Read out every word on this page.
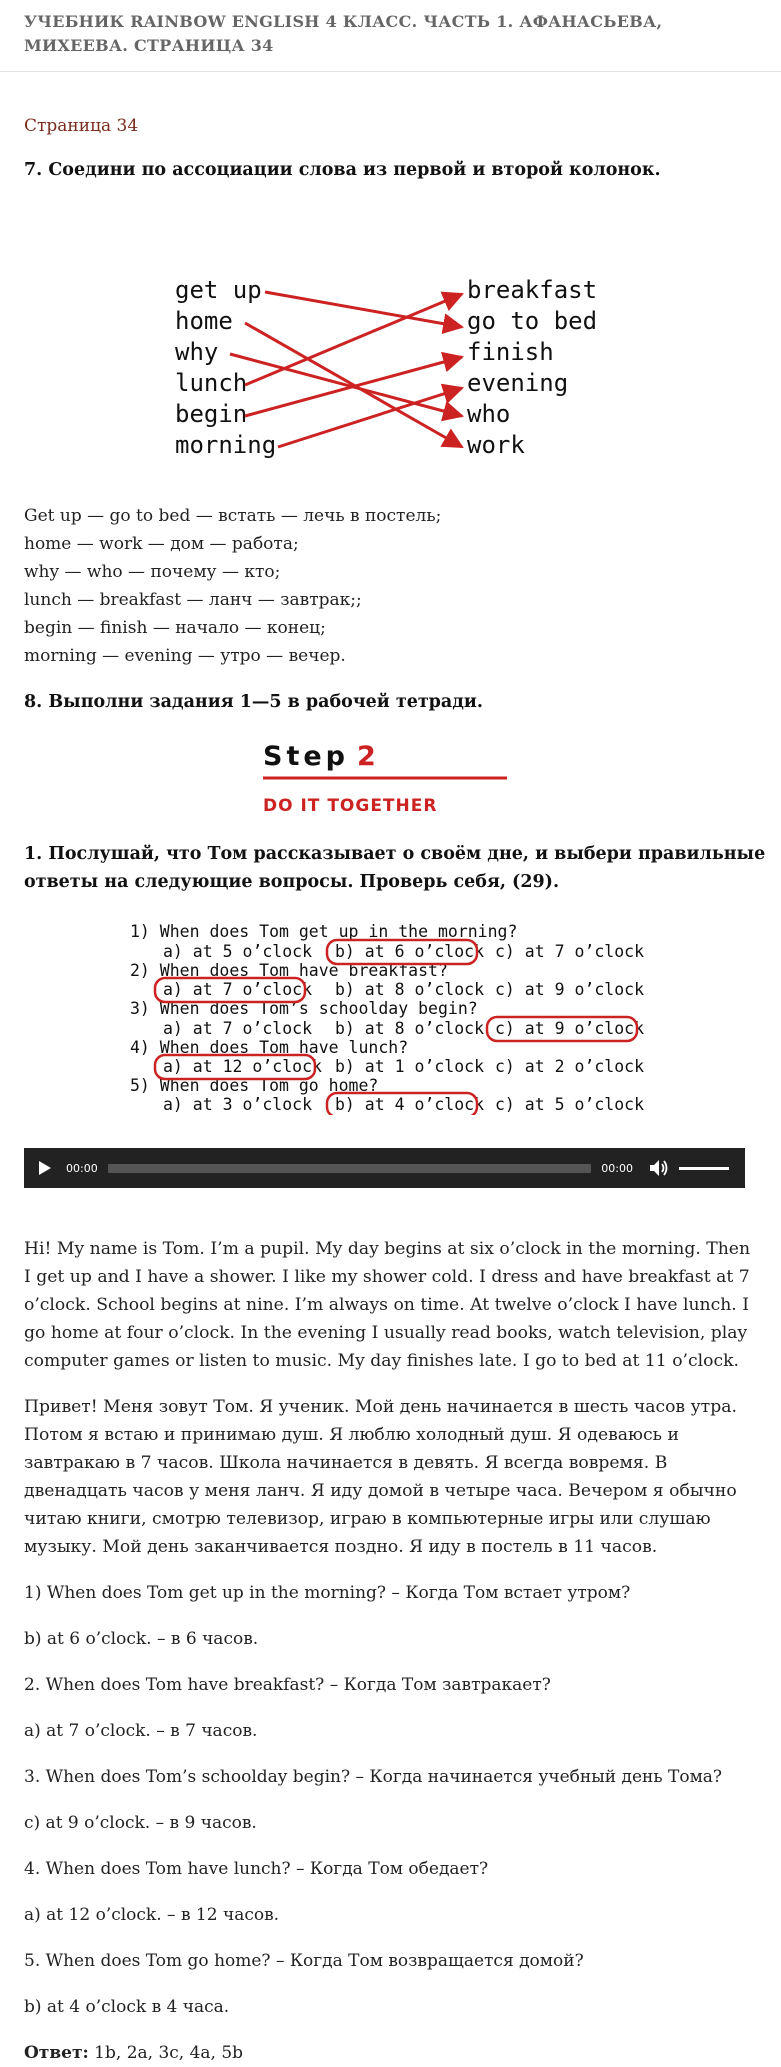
УЧЕБНИК RAINBOW ENGLISH 4 КЛАСС. ЧАСТЬ 1. АФАНАСЬЕВА, МИХЕЕВА. СТРАНИЦА 34
Страница 34
7. Соедини по ассоциации слова из первой и второй колонок.
get up
home
why
lunch
begin
morning
breakfast
go to bed
finish
evening
who
work
Get up — go to bed — встать — лечь в постель;
home — work — дом — работа;
why — who — почему — кто;
lunch — breakfast — ланч — завтрак;;
begin — finish — начало — конец;
morning — evening — утро — вечер.
8. Выполни задания 1—5 в рабочей тетради.
Step 2
DO IT TOGETHER
1. Послушай, что Том рассказывает о своём дне, и выбери правильные
ответы на следующие вопросы. Проверь себя, (29).
1) When does Tom get up in the morning?
a) at 5 o’clock b) at 6 o’clock c) at 7 o’clock
2) When does Tom have breakfast?
a) at 7 o’clock b) at 8 o’clock c) at 9 o’clock
3) When does Tom’s schoolday begin?
a) at 7 o’clock b) at 8 o’clock c) at 9 o’clock
4) When does Tom have lunch?
a) at 12 o’clock b) at 1 o’clock c) at 2 o’clock
5) When does Tom go home?
a) at 3 o’clock b) at 4 o’clock c) at 5 o’clock
00:00	00:00
Hi! My name is Tom. I’m a pupil. My day begins at six o’clock in the morning. Then I get up and I have a shower. I like my shower cold. I dress and have breakfast at 7 o’clock. School begins at nine. I’m always on time. At twelve o’clock I have lunch. I go home at four o’clock. In the evening I usually read books, watch television, play computer games or listen to music. My day finishes late. I go to bed at 11 o’clock.
Привет! Меня зовут Том. Я ученик. Мой день начинается в шесть часов утра. Потом я встаю и принимаю душ. Я люблю холодный душ. Я одеваюсь и завтракаю в 7 часов. Школа начинается в девять. Я всегда вовремя. В двенадцать часов у меня ланч. Я иду домой в четыре часа. Вечером я обычно читаю книги, смотрю телевизор, играю в компьютерные игры или слушаю музыку. Мой день заканчивается поздно. Я иду в постель в 11 часов.
1) When does Tom get up in the morning? – Когда Том встает утром?
b) at 6 o’clock. – в 6 часов.
2. When does Tom have breakfast? – Когда Том завтракает?
a) at 7 o’clock. – в 7 часов.
3. When does Tom’s schoolday begin? – Когда начинается учебный день Тома?
c) at 9 o’clock. – в 9 часов.
4. When does Tom have lunch? – Когда Том обедает?
a) at 12 o’clock. – в 12 часов.
5. When does Tom go home? – Когда Том возвращается домой?
b) at 4 o’clock в 4 часа.
Ответ: 1b, 2a, 3c, 4a, 5b
